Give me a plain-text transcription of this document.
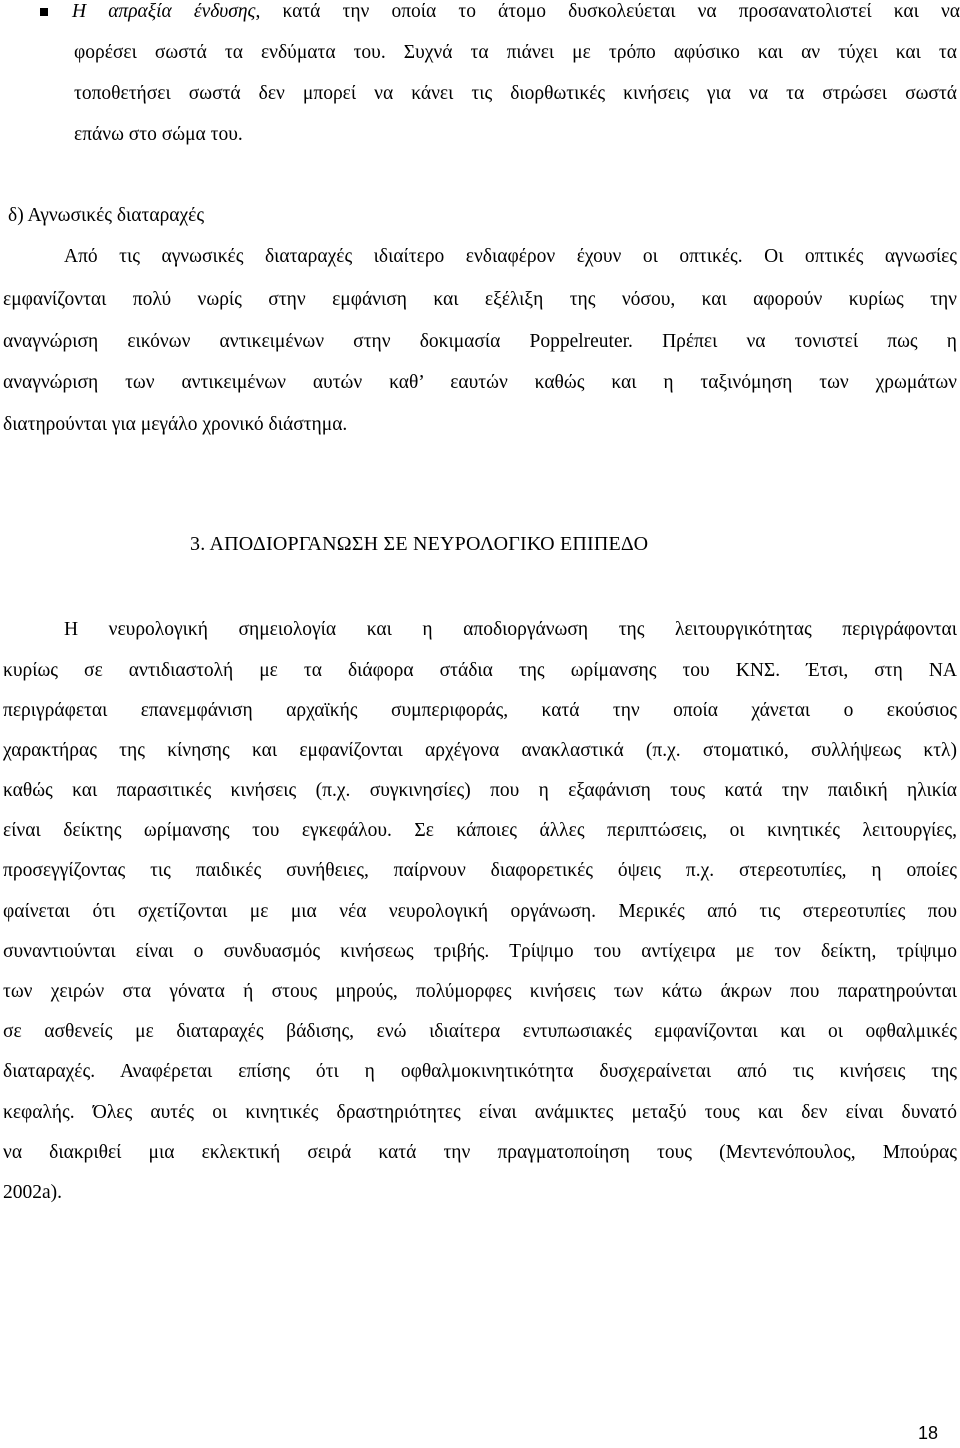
Η απραξία ένδυσης, κατά την οποία το άτομο δυσκολεύεται να προσανατολιστεί και να
φορέσει σωστά τα ενδύματα του. Συχνά τα πιάνει με τρόπο αφύσικο και αν τύχει και τα
τοποθετήσει σωστά δεν μπορεί να κάνει τις διορθωτικές κινήσεις για να τα στρώσει σωστά
επάνω στο σώμα του.
δ) Αγνωσικές διαταραχές
Από τις αγνωσικές διαταραχές ιδιαίτερο ενδιαφέρον έχουν οι οπτικές. Οι οπτικές αγνωσίες
εμφανίζονται πολύ νωρίς στην εμφάνιση και εξέλιξη της νόσου, και αφορούν κυρίως την
αναγνώριση εικόνων αντικειμένων στην δοκιμασία Poppelreuter. Πρέπει να τονιστεί πως η
αναγνώριση των αντικειμένων αυτών καθ’ εαυτών καθώς και η ταξινόμηση των χρωμάτων
διατηρούνται για μεγάλο χρονικό διάστημα.
3. ΑΠΟΔΙΟΡΓΑΝΩΣΗ ΣΕ ΝΕΥΡΟΛΟΓΙΚΟ ΕΠΙΠΕΔΟ
Η νευρολογική σημειολογία και η αποδιοργάνωση της λειτουργικότητας περιγράφονται
κυρίως σε αντιδιαστολή με τα διάφορα στάδια της ωρίμανσης του ΚΝΣ. Έτσι, στη ΝΑ
περιγράφεται επανεμφάνιση αρχαϊκής συμπεριφοράς, κατά την οποία χάνεται ο εκούσιος
χαρακτήρας της κίνησης και εμφανίζονται αρχέγονα ανακλαστικά (π.χ. στοματικό, συλλήψεως κτλ)
καθώς και παρασιτικές κινήσεις (π.χ. συγκινησίες) που η εξαφάνιση τους κατά την παιδική ηλικία
είναι δείκτης ωρίμανσης του εγκεφάλου. Σε κάποιες άλλες περιπτώσεις, οι κινητικές λειτουργίες,
προσεγγίζοντας τις παιδικές συνήθειες, παίρνουν διαφορετικές όψεις π.χ. στερεοτυπίες, η οποίες
φαίνεται ότι σχετίζονται με μια νέα νευρολογική οργάνωση. Μερικές από τις στερεοτυπίες που
συναντιούνται είναι ο συνδυασμός κινήσεως τριβής. Τρίψιμο του αντίχειρα με τον δείκτη, τρίψιμο
των χειρών στα γόνατα ή στους μηρούς, πολύμορφες κινήσεις των κάτω άκρων που παρατηρούνται
σε ασθενείς με διαταραχές βάδισης, ενώ ιδιαίτερα εντυπωσιακές εμφανίζονται και οι οφθαλμικές
διαταραχές. Αναφέρεται επίσης ότι η οφθαλμοκινητικότητα δυσχεραίνεται από τις κινήσεις της
κεφαλής. Όλες αυτές οι κινητικές δραστηριότητες είναι ανάμικτες μεταξύ τους και δεν είναι δυνατό
να διακριθεί μια εκλεκτική σειρά κατά την πραγματοποίηση τους (Μεντενόπουλος, Μπούρας
2002a).
18
